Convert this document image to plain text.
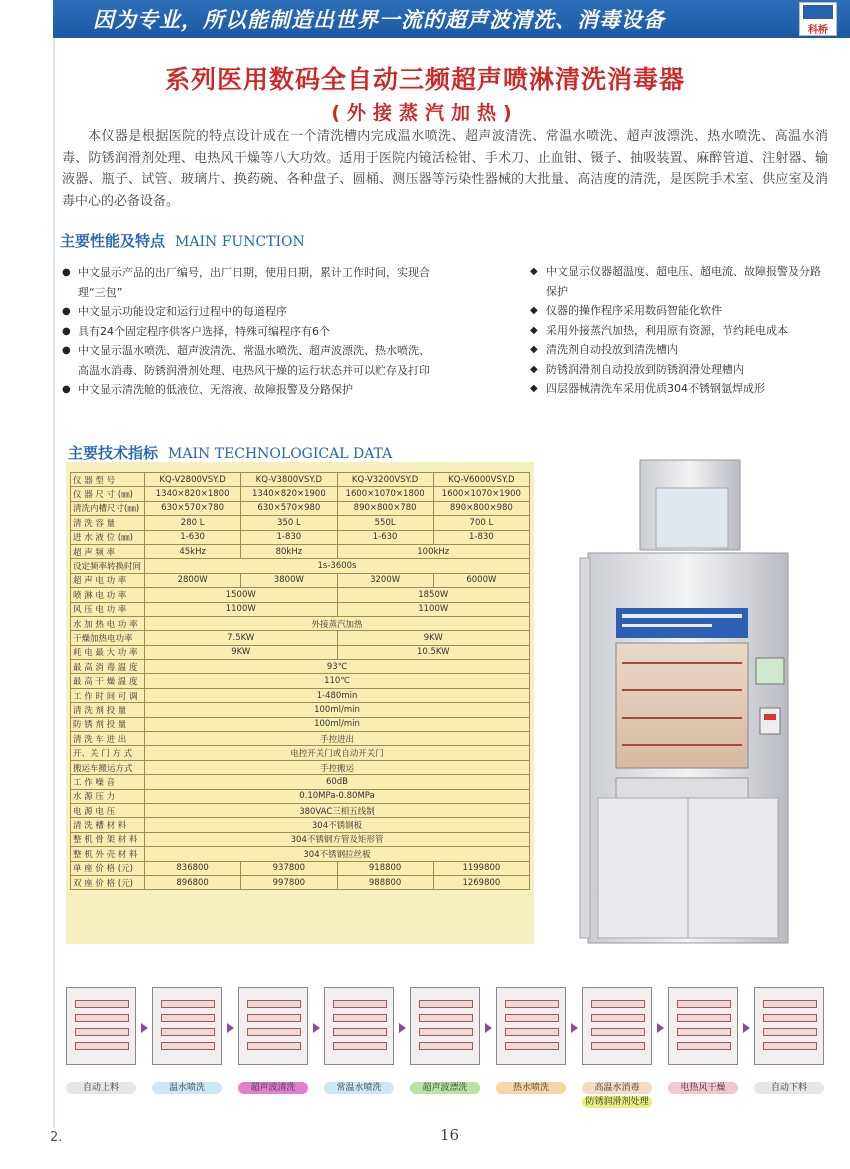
因为专业，所以能制造出世界一流的超声波清洗、消毒设备	科桥
系列医用数码全自动三频超声喷淋清洗消毒器
(外接蒸汽加热)
本仪器是根据医院的特点设计成在一个清洗槽内完成温水喷洗、超声波清洗、常温水喷洗、超声波漂洗、热水喷洗、高温水消毒、防锈润滑剂处理、电热风干燥等八大功效。适用于医院内镜活检钳、手术刀、止血钳、镊子、抽吸装置、麻醉管道、注射器、输液器、瓶子、试管、玻璃片、换药碗、各种盘子、圆桶、测压器等污染性器械的大批量、高洁度的清洗，是医院手术室、供应室及消毒中心的必备设备。
主要性能及特点 MAIN FUNCTION
● 中文显示产品的出厂编号，出厂日期，使用日期，累计工作时间，实现合理“三包”
● 中文显示功能设定和运行过程中的每道程序
● 具有24个固定程序供客户选择，特殊可编程序有6个
● 中文显示温水喷洗、超声波清洗、常温水喷洗、超声波漂洗、热水喷洗、高温水消毒、防锈润滑剂处理、电热风干燥的运行状态并可以贮存及打印
● 中文显示清洗舱的低液位、无溶液、故障报警及分路保护
◆ 中文显示仪器超温度、超电压、超电流、故障报警及分路保护
◆ 仪器的操作程序采用数码智能化软件
◆ 采用外接蒸汽加热，利用原有资源，节约耗电成本
◆ 清洗剂自动投放到清洗槽内
◆ 防锈润滑剂自动投放到防锈润滑处理槽内
◆ 四层器械清洗车采用优质304不锈钢氩焊成形
主要技术指标 MAIN TECHNOLOGICAL DATA
仪 器 型 号	KQ-V2800VSY.D	KQ-V3800VSY.D	KQ-V3200VSY.D	KQ-V6000VSY.D
仪 器 尺 寸 (㎜)	1340×820×1800	1340×820×1900	1600×1070×1800	1600×1070×1900
清洗内槽尺寸(㎜)	630×570×780	630×570×980	890×800×780	890×800×980
清 洗 容 量	280 L	350 L	550L	700 L
进 水 液 位 (㎜)	1-630	1-830	1-630	1-830
超 声 频 率	45kHz	80kHz	100kHz	
设定频率转换时间	1s-3600s			
超 声 电 功 率	2800W	3800W	3200W	6000W
喷 淋 电 功 率	1500W		1850W	
风 压 电 功 率	1100W		1100W	
水 加 热 电 功 率	外接蒸汽加热			
干燥加热电功率	7.5KW		9KW	
耗 电 最 大 功 率	9KW		10.5KW	
最 高 消 毒 温 度	93℃			
最 高 干 燥 温 度	110℃			
工 作 时 间 可 调	1-480min			
清 洗 剂 投 量	100ml/min			
防 锈 剂 投 量	100ml/min			
清 洗 车 进 出	手控进出			
开、关 门 方 式	电控开关门或自动开关门			
搬运车搬运方式	手控搬运			
工 作 噪 音	60dB			
水 源 压 力	0.10MPa-0.80MPa			
电 源 电 压	380VAC三相五线制			
清 洗 槽 材 料	304不锈钢板			
整 机 骨 架 材 料	304不锈钢方管及矩形管			
整 机 外 壳 材 料	304不锈钢拉丝板			
单 座 价 格 (元)	836800	937800	918800	1199800
双 座 价 格 (元)	896800	997800	988800	1269800
自动上料	温水喷洗	超声波清洗	常温水喷洗	超声波漂洗	热水喷洗	高温水消毒
防锈润滑剂处理
电热风干燥	自动下料
2.	16
